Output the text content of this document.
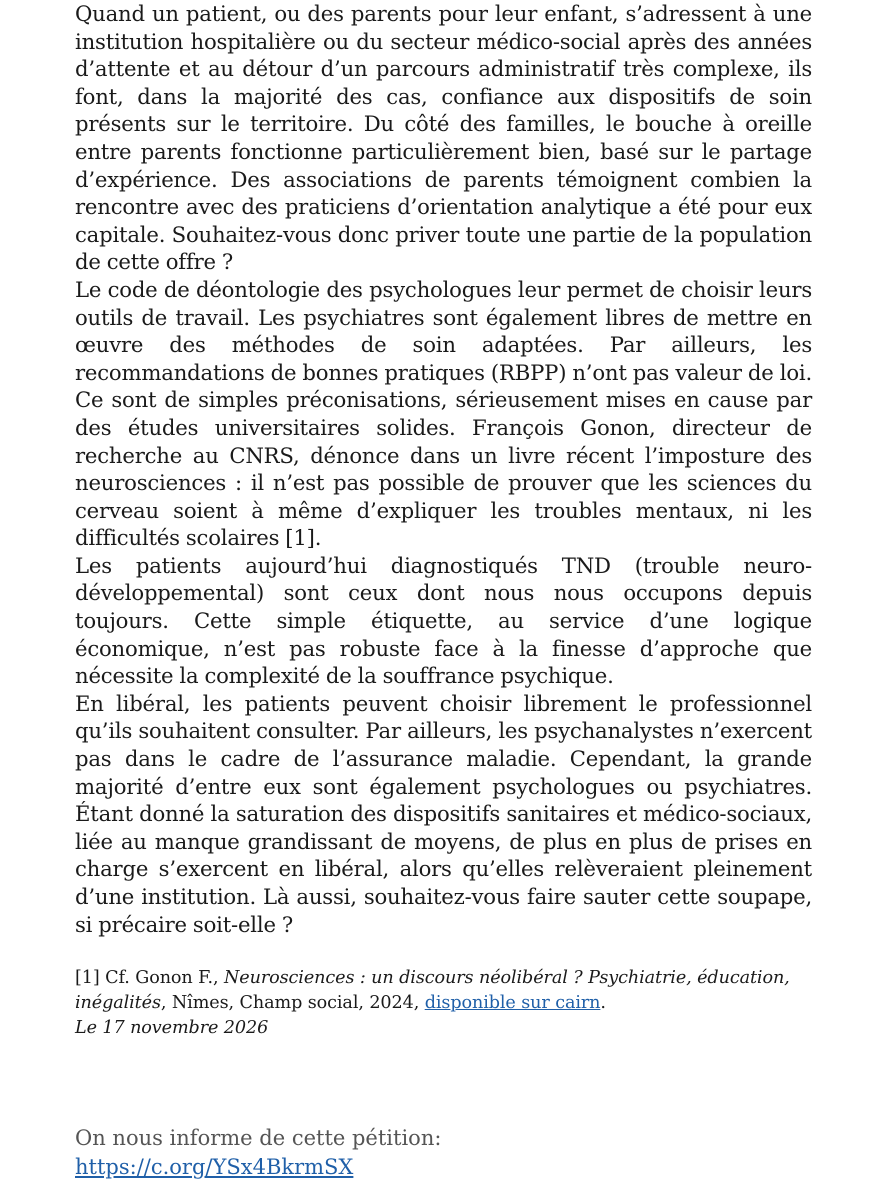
Quand un patient, ou des parents pour leur enfant, s’adressent à une institution hospitalière ou du secteur médico-social après des années d’attente et au détour d’un parcours administratif très complexe, ils font, dans la majorité des cas, confiance aux dispositifs de soin présents sur le territoire. Du côté des familles, le bouche à oreille entre parents fonctionne particulièrement bien, basé sur le partage d’expérience. Des associations de parents témoignent combien la rencontre avec des praticiens d’orientation analytique a été pour eux capitale. Souhaitez-vous donc priver toute une partie de la population de cette offre ?

Le code de déontologie des psychologues leur permet de choisir leurs outils de travail. Les psychiatres sont également libres de mettre en œuvre des méthodes de soin adaptées. Par ailleurs, les recommandations de bonnes pratiques (RBPP) n’ont pas valeur de loi. Ce sont de simples préconisations, sérieusement mises en cause par des études universitaires solides. François Gonon, directeur de recherche au CNRS, dénonce dans un livre récent l’imposture des neurosciences : il n’est pas possible de prouver que les sciences du cerveau soient à même d’expliquer les troubles mentaux, ni les difficultés scolaires [1].

Les patients aujourd’hui diagnostiqués TND (trouble neuro-développemental) sont ceux dont nous nous occupons depuis toujours. Cette simple étiquette, au service d’une logique économique, n’est pas robuste face à la finesse d’approche que nécessite la complexité de la souffrance psychique.

En libéral, les patients peuvent choisir librement le professionnel qu’ils souhaitent consulter. Par ailleurs, les psychanalystes n’exercent pas dans le cadre de l’assurance maladie. Cependant, la grande majorité d’entre eux sont également psychologues ou psychiatres. Étant donné la saturation des dispositifs sanitaires et médico-sociaux, liée au manque grandissant de moyens, de plus en plus de prises en charge s’exercent en libéral, alors qu’elles relèveraient pleinement d’une institution. Là aussi, souhaitez-vous faire sauter cette soupape, si précaire soit-elle ?

[1] Cf. Gonon F., Neurosciences : un discours néolibéral ? Psychiatrie, éducation, inégalités, Nîmes, Champ social, 2024, disponible sur cairn.

Le 17 novembre 2026

On nous informe de cette pétition:
https://c.org/YSx4BkrmSX
